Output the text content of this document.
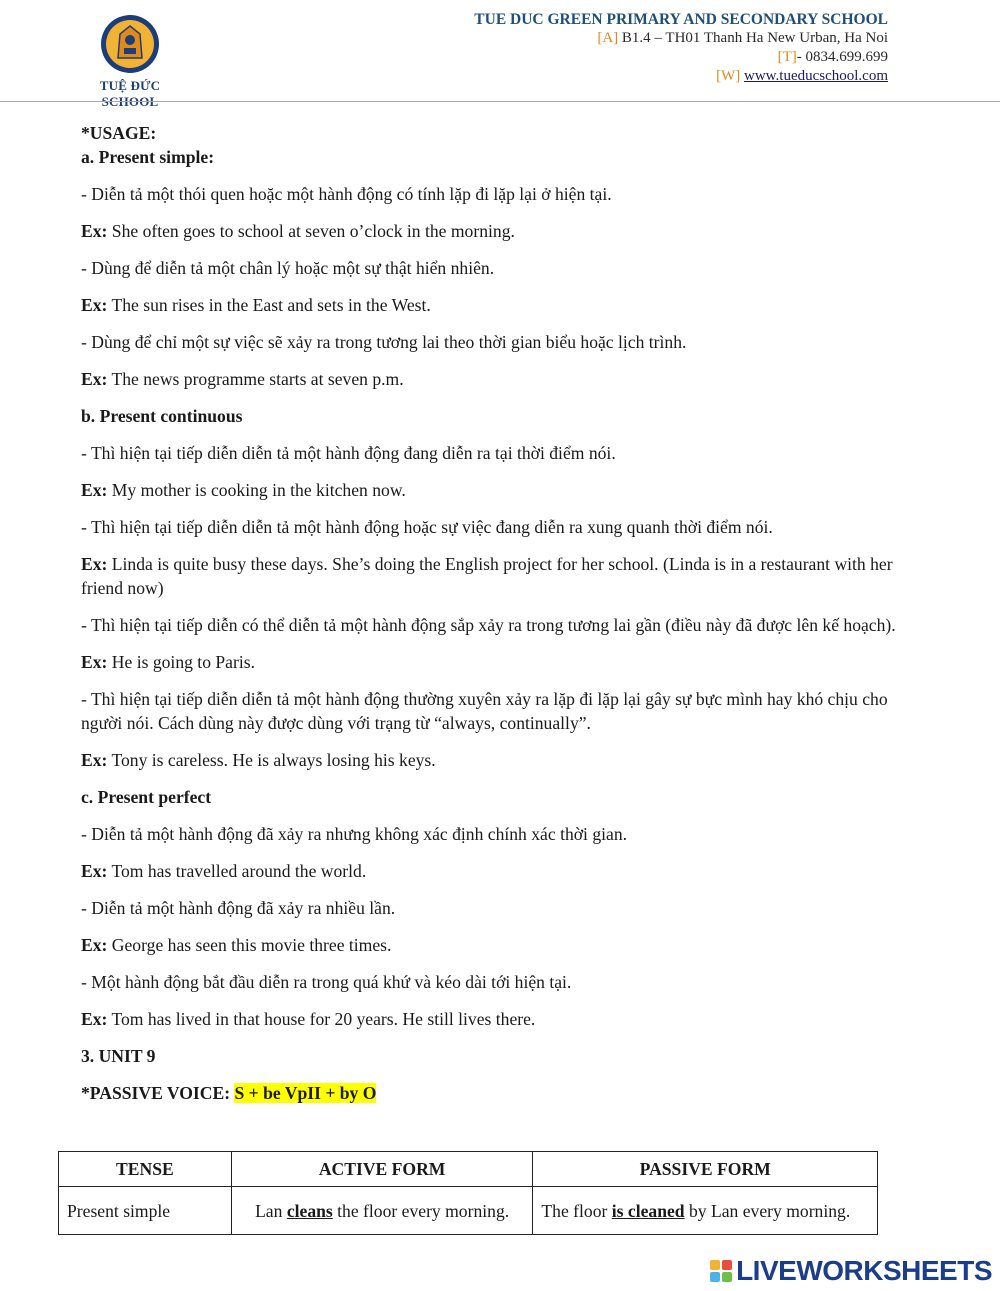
TUỆ ĐỨC SCHOOL
TUE DUC GREEN PRIMARY AND SECONDARY SCHOOL
[A] B1.4 – TH01 Thanh Ha New Urban, Ha Noi
[T]- 0834.699.699
[W] www.tueducschool.com

*USAGE:

a. Present simple:

- Diễn tả một thói quen hoặc một hành động có tính lặp đi lặp lại ở hiện tại.

Ex: She often goes to school at seven o’clock in the morning.

- Dùng để diễn tả một chân lý hoặc một sự thật hiển nhiên.

Ex: The sun rises in the East and sets in the West.

- Dùng để chỉ một sự việc sẽ xảy ra trong tương lai theo thời gian biểu hoặc lịch trình.

Ex: The news programme starts at seven p.m.

b. Present continuous

- Thì hiện tại tiếp diễn diễn tả một hành động đang diễn ra tại thời điểm nói.

Ex: My mother is cooking in the kitchen now.

- Thì hiện tại tiếp diễn diễn tả một hành động hoặc sự việc đang diễn ra xung quanh thời điểm nói.

Ex: Linda is quite busy these days. She’s doing the English project for her school. (Linda is in a restaurant with her friend now)

- Thì hiện tại tiếp diễn có thể diễn tả một hành động sắp xảy ra trong tương lai gần (điều này đã được lên kế hoạch).

Ex: He is going to Paris.

- Thì hiện tại tiếp diễn diễn tả một hành động thường xuyên xảy ra lặp đi lặp lại gây sự bực mình hay khó chịu cho người nói. Cách dùng này được dùng với trạng từ “always, continually”.

Ex: Tony is careless. He is always losing his keys.

c. Present perfect

- Diễn tả một hành động đã xảy ra nhưng không xác định chính xác thời gian.

Ex: Tom has travelled around the world.

- Diễn tả một hành động đã xảy ra nhiều lần.

Ex: George has seen this movie three times.

- Một hành động bắt đầu diễn ra trong quá khứ và kéo dài tới hiện tại.

Ex: Tom has lived in that house for 20 years. He still lives there.

3. UNIT 9

*PASSIVE VOICE: S + be VpII + by O

TENSE	ACTIVE FORM	PASSIVE FORM
Present simple	Lan cleans the floor every morning.	The floor is cleaned by Lan every morning.
LIVEWORKSHEETS
